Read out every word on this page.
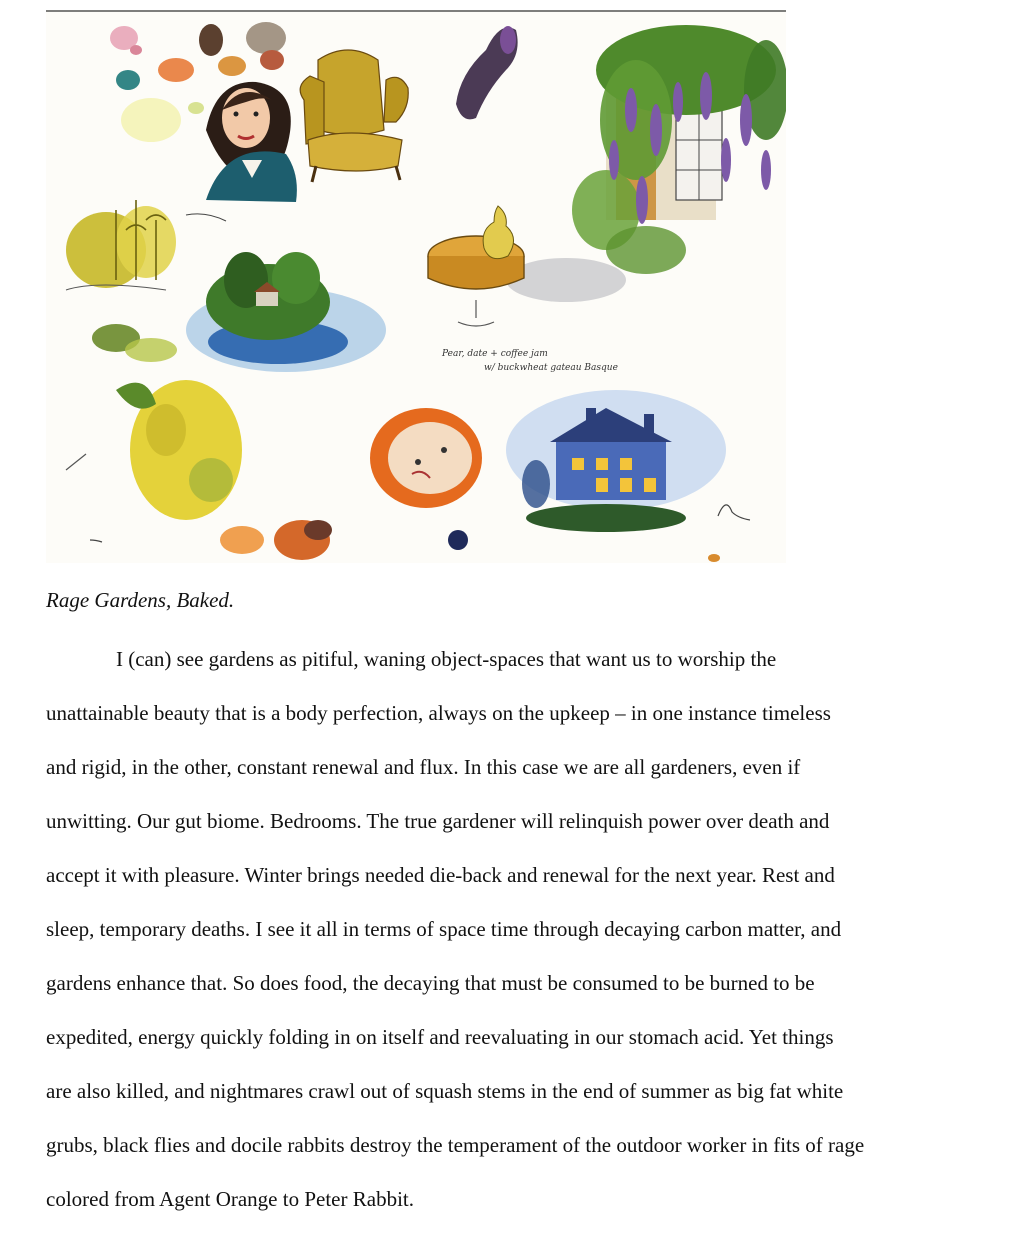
Pear, date + coffee jam
w/ buckwheat gateau Basque

Rage Gardens, Baked.

I (can) see gardens as pitiful, waning object-spaces that want us to worship the
unattainable beauty that is a body perfection, always on the upkeep – in one instance timeless
and rigid, in the other, constant renewal and flux. In this case we are all gardeners, even if
unwitting. Our gut biome. Bedrooms. The true gardener will relinquish power over death and
accept it with pleasure. Winter brings needed die-back and renewal for the next year. Rest and
sleep, temporary deaths. I see it all in terms of space time through decaying carbon matter, and
gardens enhance that. So does food, the decaying that must be consumed to be burned to be
expedited, energy quickly folding in on itself and reevaluating in our stomach acid. Yet things
are also killed, and nightmares crawl out of squash stems in the end of summer as big fat white
grubs, black flies and docile rabbits destroy the temperament of the outdoor worker in fits of rage
colored from Agent Orange to Peter Rabbit.
